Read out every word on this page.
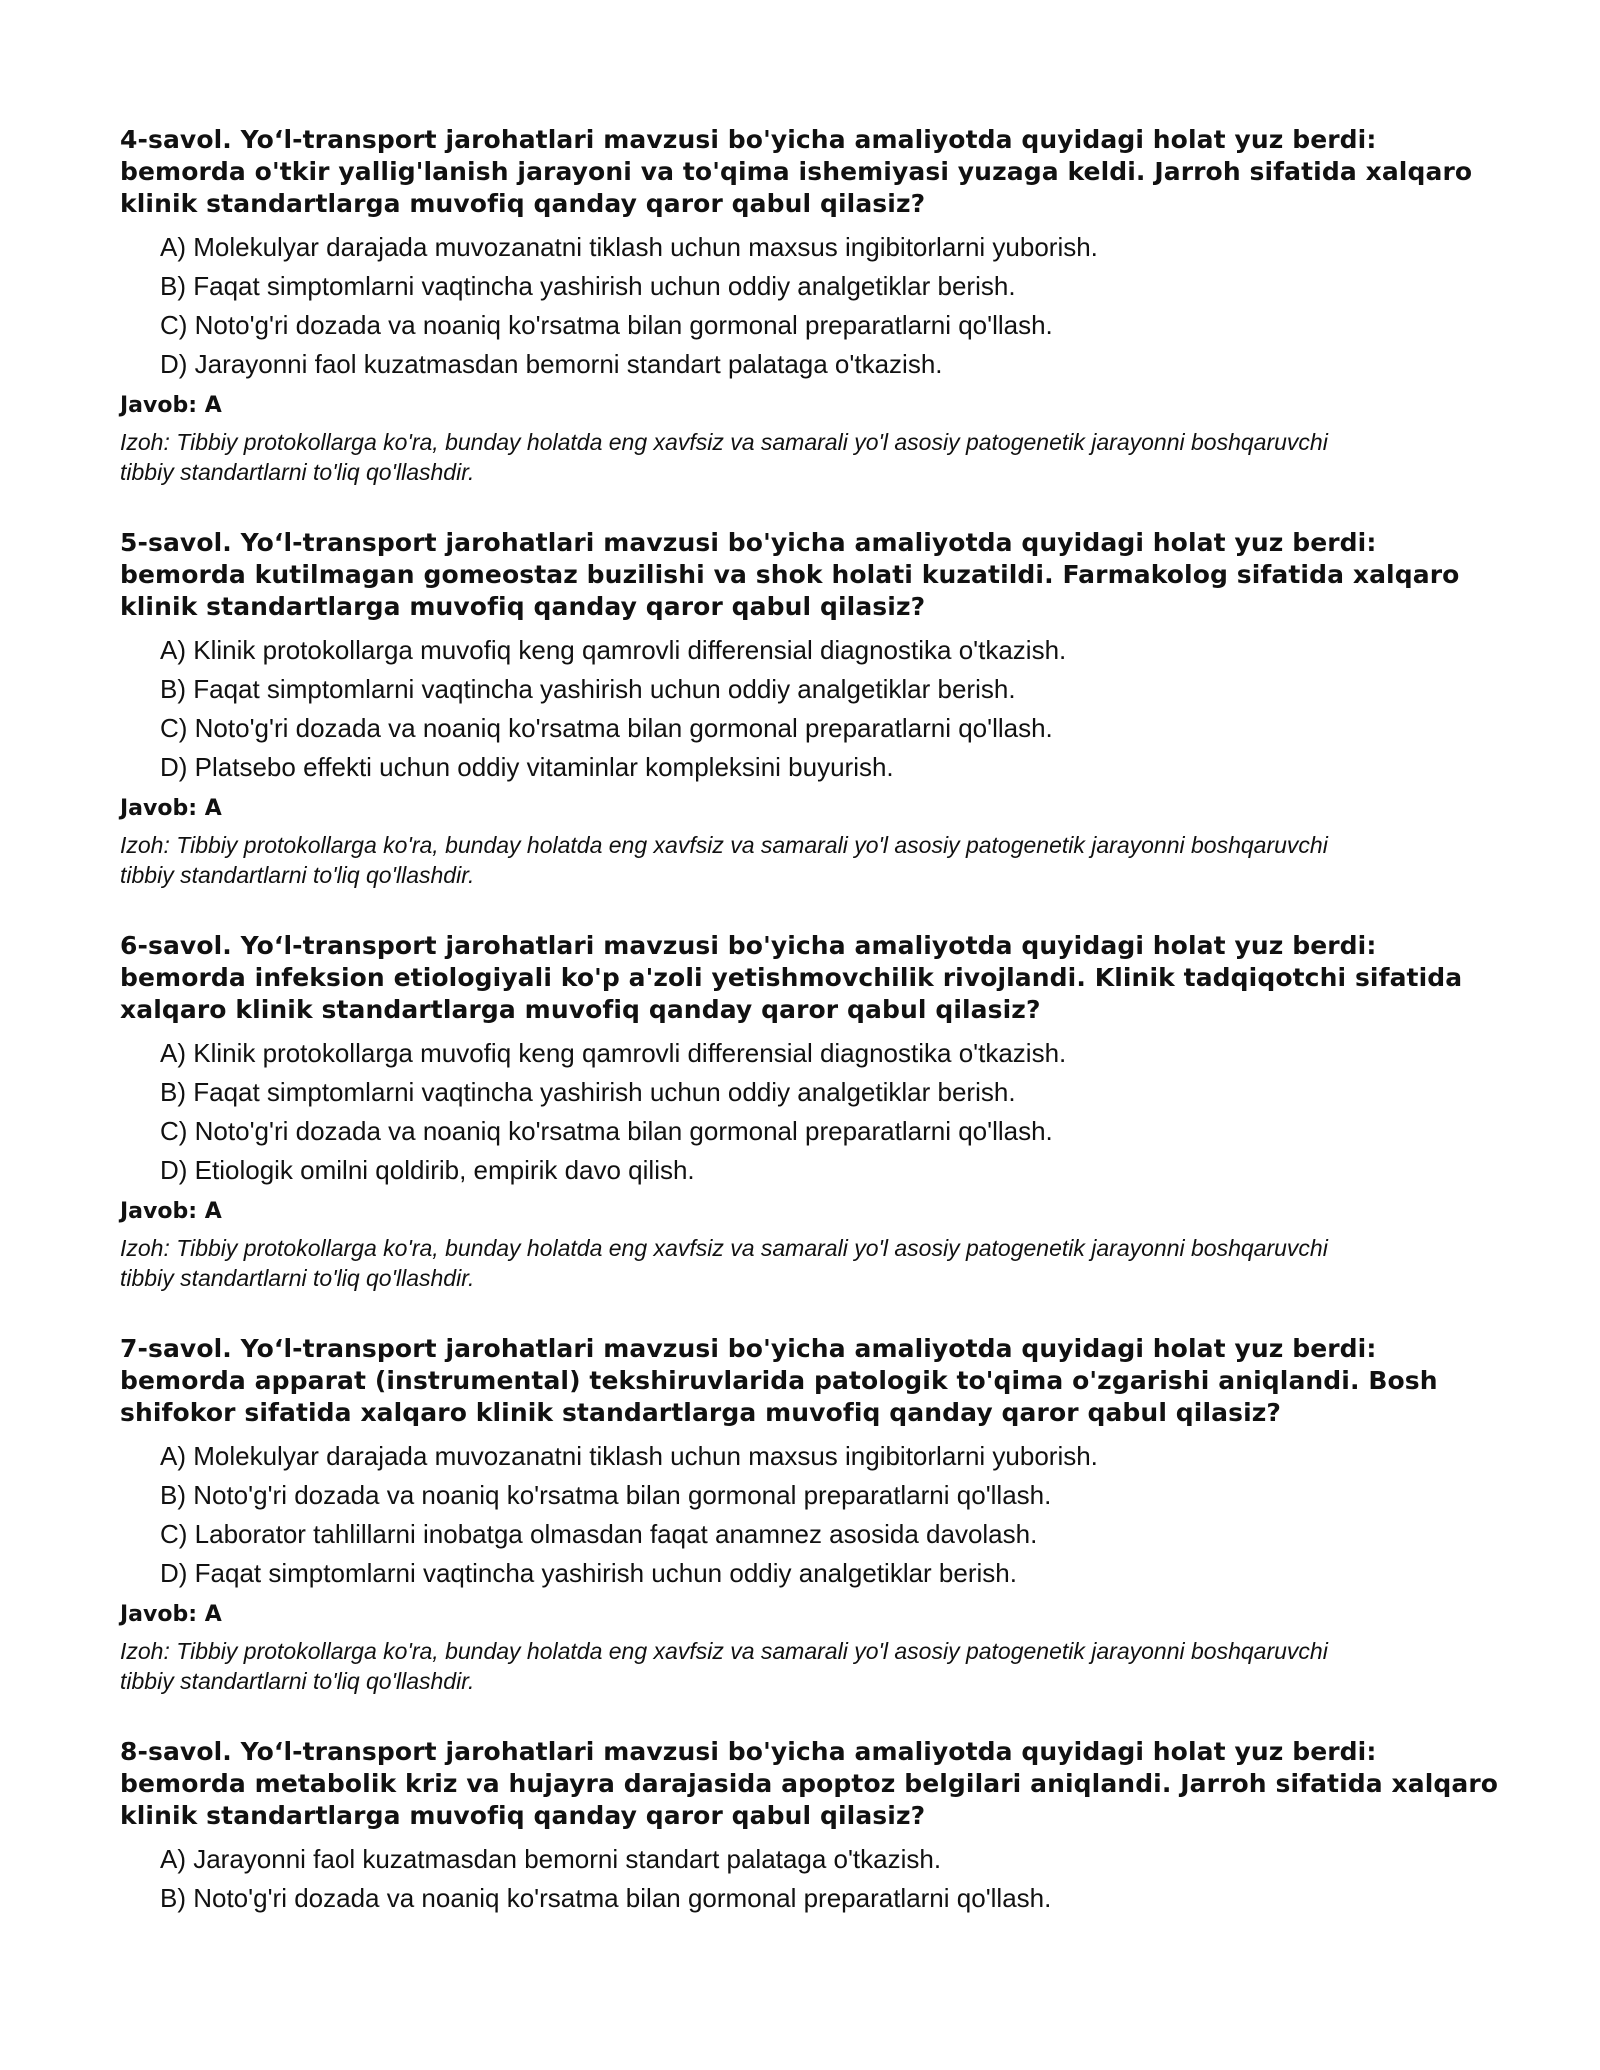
4-savol. Yo‘l-transport jarohatlari mavzusi bo'yicha amaliyotda quyidagi holat yuz berdi: bemorda o'tkir yallig'lanish jarayoni va to'qima ishemiyasi yuzaga keldi. Jarroh sifatida xalqaro klinik standartlarga muvofiq qanday qaror qabul qilasiz?
A) Molekulyar darajada muvozanatni tiklash uchun maxsus ingibitorlarni yuborish.
B) Faqat simptomlarni vaqtincha yashirish uchun oddiy analgetiklar berish.
C) Noto'g'ri dozada va noaniq ko'rsatma bilan gormonal preparatlarni qo'llash.
D) Jarayonni faol kuzatmasdan bemorni standart palataga o'tkazish.
Javob: A

Izoh: Tibbiy protokollarga ko'ra, bunday holatda eng xavfsiz va samarali yo'l asosiy patogenetik jarayonni boshqaruvchi tibbiy standartlarni to'liq qo'llashdir.

5-savol. Yo‘l-transport jarohatlari mavzusi bo'yicha amaliyotda quyidagi holat yuz berdi: bemorda kutilmagan gomeostaz buzilishi va shok holati kuzatildi. Farmakolog sifatida xalqaro klinik standartlarga muvofiq qanday qaror qabul qilasiz?
A) Klinik protokollarga muvofiq keng qamrovli differensial diagnostika o'tkazish.
B) Faqat simptomlarni vaqtincha yashirish uchun oddiy analgetiklar berish.
C) Noto'g'ri dozada va noaniq ko'rsatma bilan gormonal preparatlarni qo'llash.
D) Platsebo effekti uchun oddiy vitaminlar kompleksini buyurish.
Javob: A

Izoh: Tibbiy protokollarga ko'ra, bunday holatda eng xavfsiz va samarali yo'l asosiy patogenetik jarayonni boshqaruvchi tibbiy standartlarni to'liq qo'llashdir.

6-savol. Yo‘l-transport jarohatlari mavzusi bo'yicha amaliyotda quyidagi holat yuz berdi: bemorda infeksion etiologiyali ko'p a'zoli yetishmovchilik rivojlandi. Klinik tadqiqotchi sifatida xalqaro klinik standartlarga muvofiq qanday qaror qabul qilasiz?
A) Klinik protokollarga muvofiq keng qamrovli differensial diagnostika o'tkazish.
B) Faqat simptomlarni vaqtincha yashirish uchun oddiy analgetiklar berish.
C) Noto'g'ri dozada va noaniq ko'rsatma bilan gormonal preparatlarni qo'llash.
D) Etiologik omilni qoldirib, empirik davo qilish.
Javob: A

Izoh: Tibbiy protokollarga ko'ra, bunday holatda eng xavfsiz va samarali yo'l asosiy patogenetik jarayonni boshqaruvchi tibbiy standartlarni to'liq qo'llashdir.

7-savol. Yo‘l-transport jarohatlari mavzusi bo'yicha amaliyotda quyidagi holat yuz berdi: bemorda apparat (instrumental) tekshiruvlarida patologik to'qima o'zgarishi aniqlandi. Bosh shifokor sifatida xalqaro klinik standartlarga muvofiq qanday qaror qabul qilasiz?
A) Molekulyar darajada muvozanatni tiklash uchun maxsus ingibitorlarni yuborish.
B) Noto'g'ri dozada va noaniq ko'rsatma bilan gormonal preparatlarni qo'llash.
C) Laborator tahlillarni inobatga olmasdan faqat anamnez asosida davolash.
D) Faqat simptomlarni vaqtincha yashirish uchun oddiy analgetiklar berish.
Javob: A

Izoh: Tibbiy protokollarga ko'ra, bunday holatda eng xavfsiz va samarali yo'l asosiy patogenetik jarayonni boshqaruvchi tibbiy standartlarni to'liq qo'llashdir.

8-savol. Yo‘l-transport jarohatlari mavzusi bo'yicha amaliyotda quyidagi holat yuz berdi: bemorda metabolik kriz va hujayra darajasida apoptoz belgilari aniqlandi. Jarroh sifatida xalqaro klinik standartlarga muvofiq qanday qaror qabul qilasiz?
A) Jarayonni faol kuzatmasdan bemorni standart palataga o'tkazish.
B) Noto'g'ri dozada va noaniq ko'rsatma bilan gormonal preparatlarni qo'llash.
